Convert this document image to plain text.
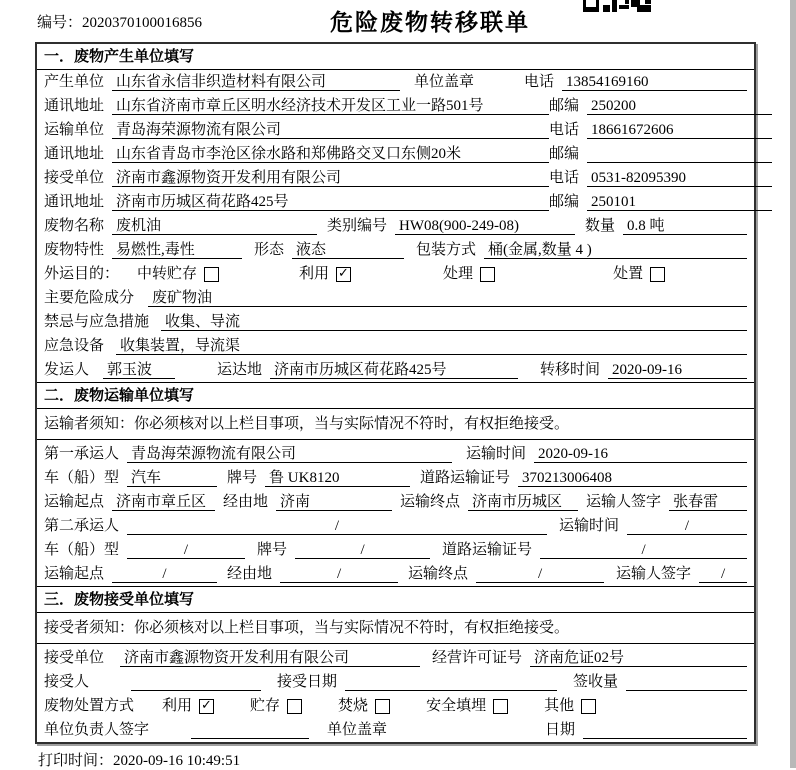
编号：2020370100016856	危险废物转移联单
一．废物产生单位填写
产生单位 山东省永信非织造材料有限公司	单位盖章	电话 13854169160
通讯地址 山东省济南市章丘区明水经济技术开发区工业一路501号	邮编 250200
运输单位 青岛海荣源物流有限公司	电话 18661672606
通讯地址 山东省青岛市李沧区徐水路和郑佛路交叉口东侧20米	邮编
接受单位 济南市鑫源物资开发利用有限公司	电话 0531-82095390
通讯地址 济南市历城区荷花路425号	邮编 250101
废物名称 废机油	类别编号 HW08(900-249-08)	数量 0.8 吨
废物特性 易燃性,毒性	形态 液态	包装方式 桶(金属,数量 4 )
外运目的： 中转贮存	利用 ✓	处理	处置
主要危险成分 废矿物油
禁忌与应急措施 收集、导流
应急设备 收集装置，导流渠
发运人 郭玉波	运达地 济南市历城区荷花路425号	转移时间 2020-09-16
二．废物运输单位填写
运输者须知：你必须核对以上栏目事项，当与实际情况不符时，有权拒绝接受。
第一承运人 青岛海荣源物流有限公司	运输时间 2020-09-16
车（船）型 汽车	牌号 鲁 UK8120	道路运输证号 370213006408
运输起点 济南市章丘区	经由地 济南	运输终点 济南市历城区	运输人签字 张春雷
第二承运人	/	运输时间	/
车（船）型	/	牌号	/	道路运输证号	/
运输起点	/	经由地	/	运输终点	/	运输人签字	/
三．废物接受单位填写
接受者须知：你必须核对以上栏目事项，当与实际情况不符时，有权拒绝接受。
接受单位 济南市鑫源物资开发利用有限公司	经营许可证号 济南危证02号
接受人	接受日期	签收量
废物处置方式 利用 ✓	贮存	焚烧	安全填埋	其他
单位负责人签字	单位盖章	日期
打印时间：2020-09-16 10:49:51
